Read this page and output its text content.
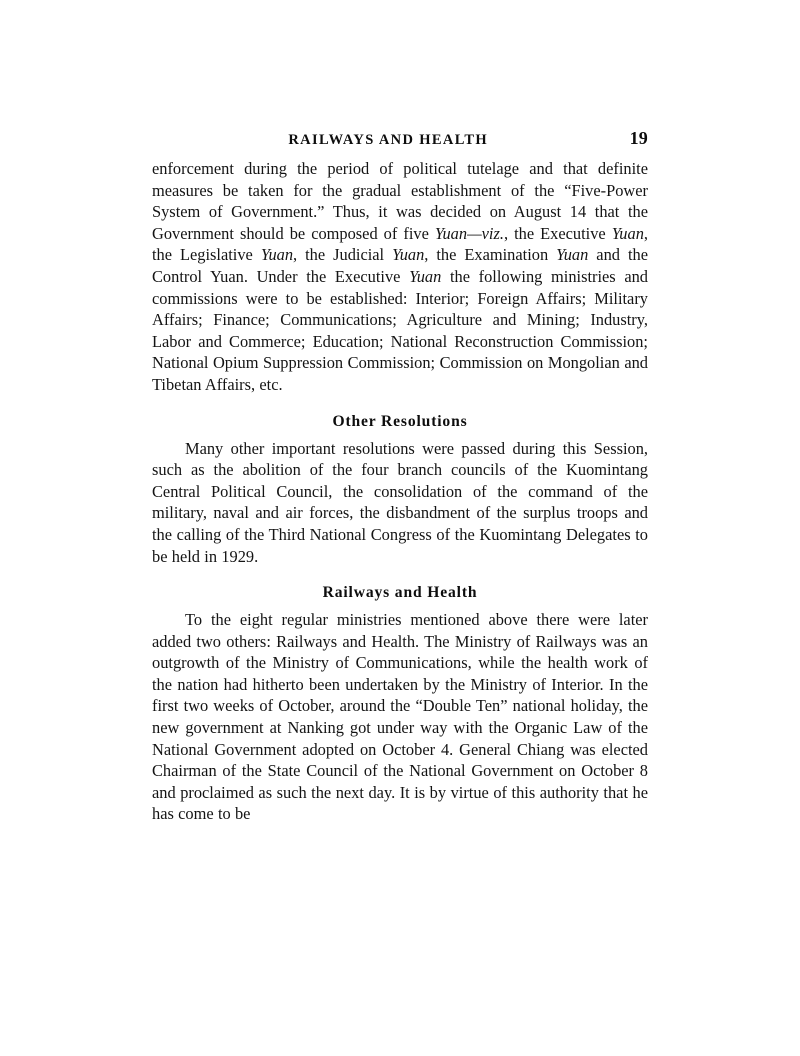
RAILWAYS AND HEALTH	19

enforcement during the period of political tutelage and that definite measures be taken for the gradual establishment of the “Five-Power System of Government.” Thus, it was decided on August 14 that the Government should be composed of five Yuan—viz., the Executive Yuan, the Legislative Yuan, the Judicial Yuan, the Examination Yuan and the Control Yuan. Under the Executive Yuan the following ministries and commissions were to be established: Interior; Foreign Affairs; Military Affairs; Finance; Communications; Agriculture and Mining; Industry, Labor and Commerce; Education; National Reconstruction Commission; National Opium Suppression Commission; Commission on Mongolian and Tibetan Affairs, etc.

Other Resolutions

Many other important resolutions were passed during this Session, such as the abolition of the four branch councils of the Kuomintang Central Political Council, the consolidation of the command of the military, naval and air forces, the disbandment of the surplus troops and the calling of the Third National Congress of the Kuomintang Delegates to be held in 1929.

Railways and Health

To the eight regular ministries mentioned above there were later added two others: Railways and Health. The Ministry of Railways was an outgrowth of the Ministry of Communications, while the health work of the nation had hitherto been undertaken by the Ministry of Interior. In the first two weeks of October, around the “Double Ten” national holiday, the new government at Nanking got under way with the Organic Law of the National Government adopted on October 4. General Chiang was elected Chairman of the State Council of the National Government on October 8 and proclaimed as such the next day. It is by virtue of this authority that he has come to be
